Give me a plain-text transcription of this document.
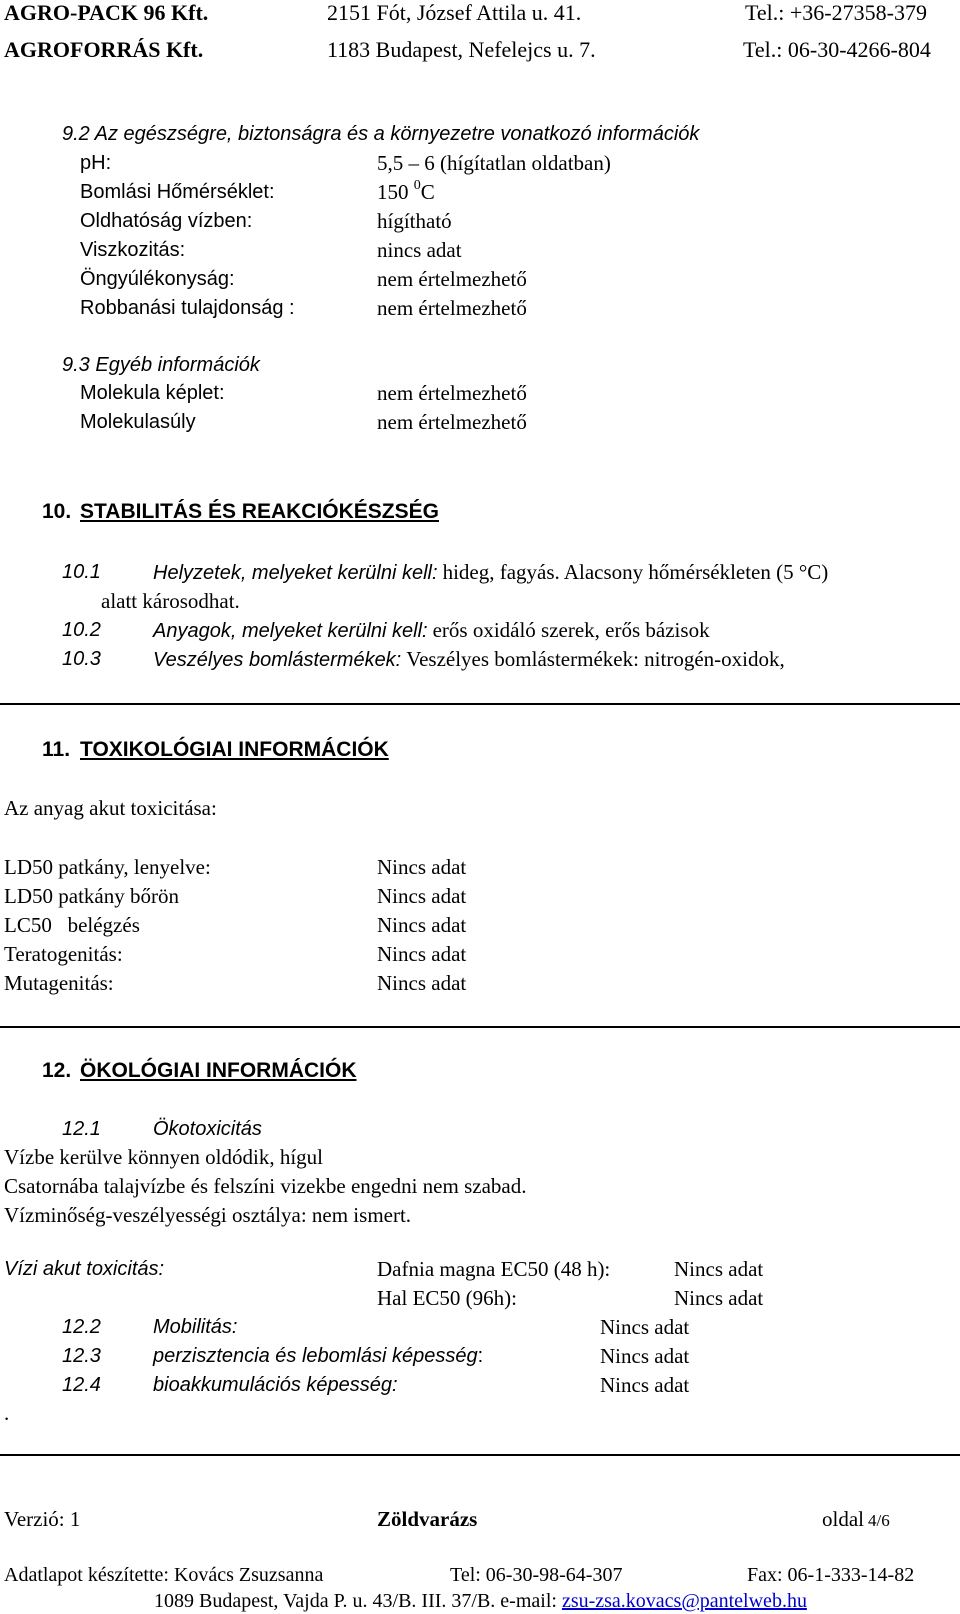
AGRO-PACK 96 Kft.	2151 Fót, József Attila u. 41.	Tel.: +36-27358-379
AGROFORRÁS Kft.	1183 Budapest, Nefelejcs u. 7.	Tel.: 06-30-4266-804
9.2 Az egészségre, biztonságra és a környezetre vonatkozó információk
pH:	5,5 – 6 (hígítatlan oldatban)
Bomlási Hőmérséklet:	150 $^0$C
Oldhatóság vízben:	hígítható
Viszkozitás:	nincs adat
Öngyúlékonyság:	nem értelmezhető
Robbanási tulajdonság :	nem értelmezhető
9.3 Egyéb információk
Molekula képlet:	nem értelmezhető
Molekulasúly	nem értelmezhető
10. STABILITÁS ÉS REAKCIÓKÉSZSÉG
10.1	Helyzetek, melyeket kerülni kell: hideg, fagyás. Alacsony hőmérsékleten (5 °C)
alatt károsodhat.
10.2	Anyagok, melyeket kerülni kell: erős oxidáló szerek, erős bázisok
10.3	Veszélyes bomlástermékek: Veszélyes bomlástermékek: nitrogén-oxidok,
11. TOXIKOLÓGIAI INFORMÁCIÓK
Az anyag akut toxicitása:
LD50 patkány, lenyelve:	Nincs adat
LD50 patkány bőrön	Nincs adat
LC50   belégzés	Nincs adat
Teratogenitás:	Nincs adat
Mutagenitás:	Nincs adat
12. ÖKOLÓGIAI INFORMÁCIÓK
12.1	Ökotoxicitás
Vízbe kerülve könnyen oldódik, hígul
Csatornába talajvízbe és felszíni vizekbe engedni nem szabad.
Vízminőség-veszélyességi osztálya: nem ismert.
Vízi akut toxicitás:	Dafnia magna EC50 (48 h):	Nincs adat
Hal EC50 (96h):	Nincs adat
12.2	Mobilitás:	Nincs adat
12.3	perzisztencia és lebomlási képesség:	Nincs adat
12.4	bioakkumulációs képesség:	Nincs adat
.
Verzió: 1	Zöldvarázs	oldal 4/6
Adatlapot készítette: Kovács Zsuzsanna	Tel: 06-30-98-64-307	Fax: 06-1-333-14-82
1089 Budapest, Vajda P. u. 43/B. III. 37/B. e-mail: zsu-zsa.kovacs@pantelweb.hu
